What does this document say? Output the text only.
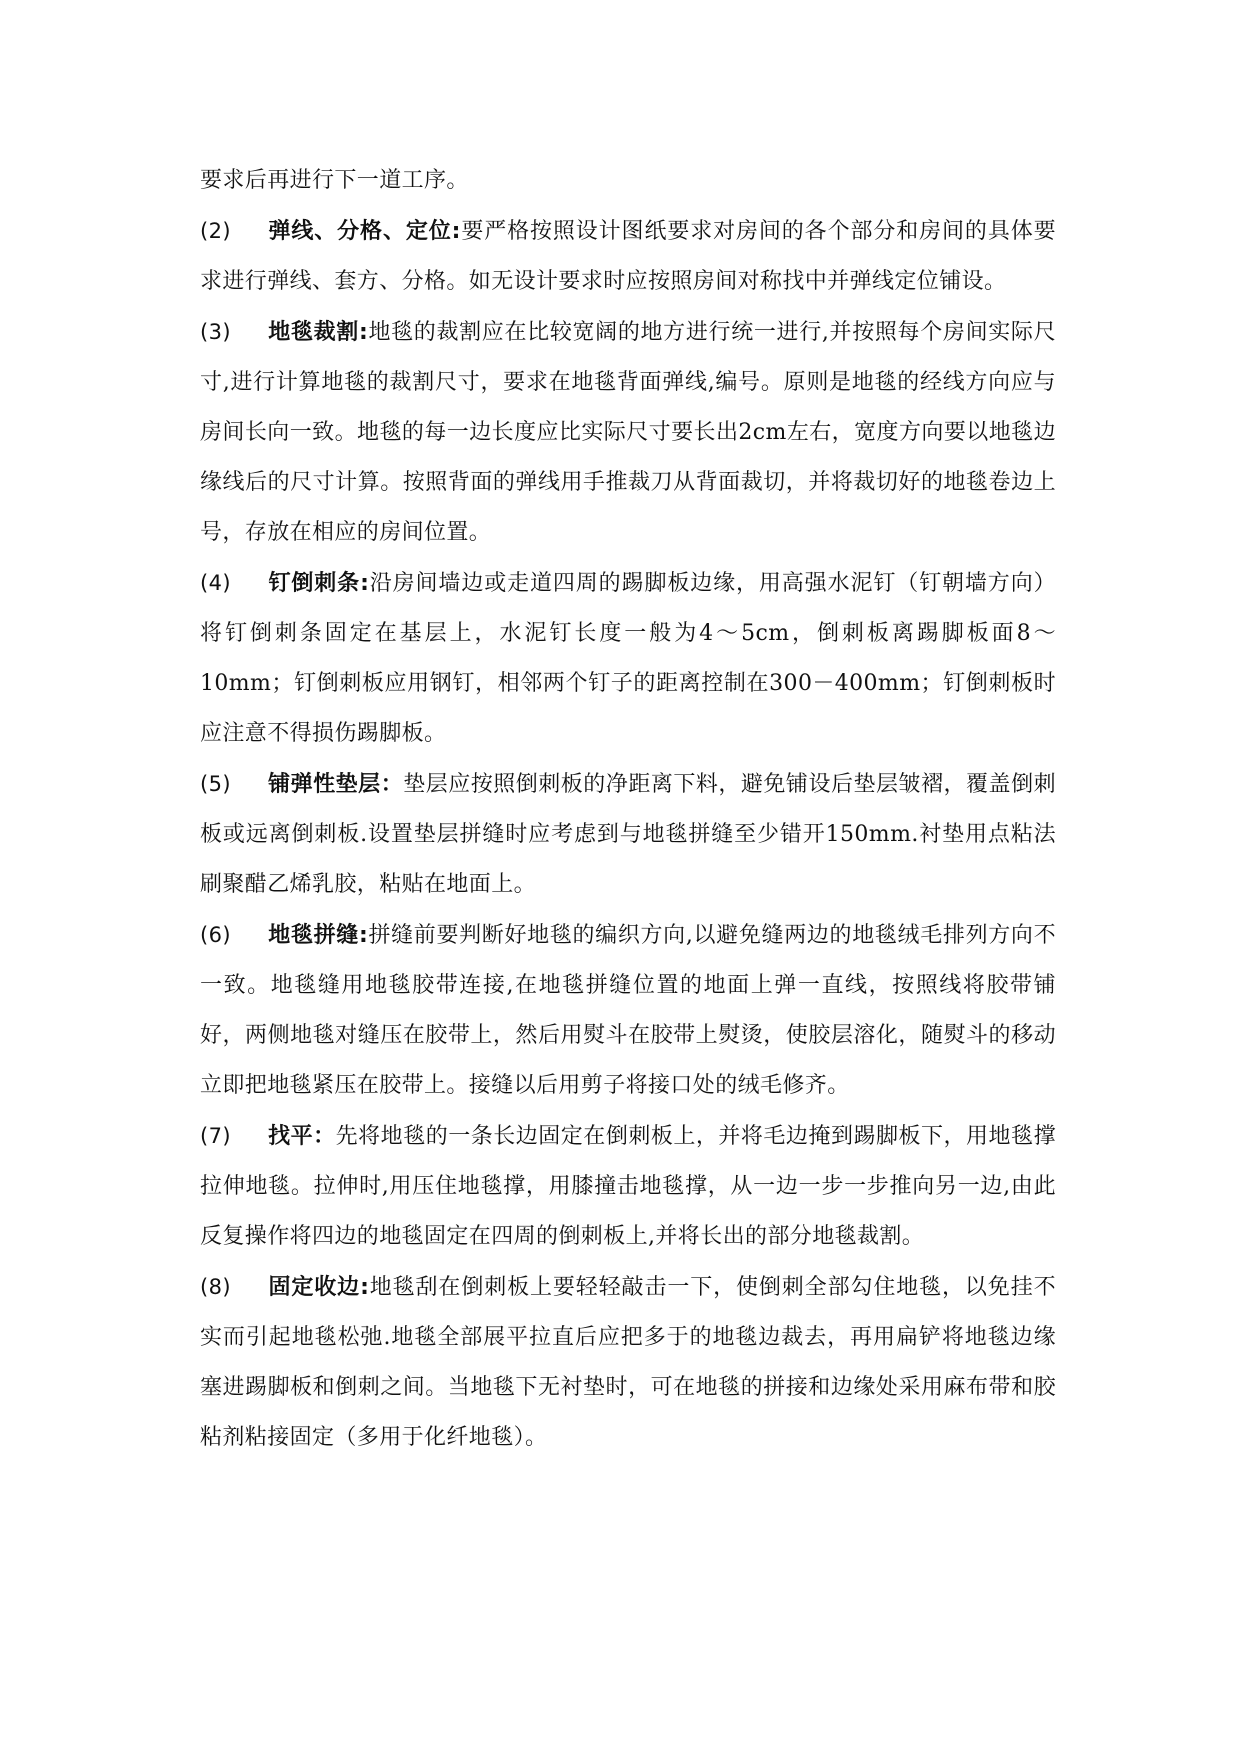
要求后再进行下一道工序。

(2) 弹线、分格、定位:要严格按照设计图纸要求对房间的各个部分和房间的具体要求进行弹线、套方、分格。如无设计要求时应按照房间对称找中并弹线定位铺设。

(3) 地毯裁割:地毯的裁割应在比较宽阔的地方进行统一进行,并按照每个房间实际尺寸,进行计算地毯的裁割尺寸，要求在地毯背面弹线,编号。原则是地毯的经线方向应与房间长向一致。地毯的每一边长度应比实际尺寸要长出2cm左右，宽度方向要以地毯边缘线后的尺寸计算。按照背面的弹线用手推裁刀从背面裁切，并将裁切好的地毯卷边上号，存放在相应的房间位置。

(4) 钉倒刺条:沿房间墙边或走道四周的踢脚板边缘，用高强水泥钉（钉朝墙方向）将钉倒刺条固定在基层上，水泥钉长度一般为4～5cm，倒刺板离踢脚板面8～10mm；钉倒刺板应用钢钉，相邻两个钉子的距离控制在300－400mm；钉倒刺板时应注意不得损伤踢脚板。

(5) 铺弹性垫层：垫层应按照倒刺板的净距离下料，避免铺设后垫层皱褶，覆盖倒刺板或远离倒刺板.设置垫层拼缝时应考虑到与地毯拼缝至少错开150mm.衬垫用点粘法刷聚醋乙烯乳胶，粘贴在地面上。

(6) 地毯拼缝:拼缝前要判断好地毯的编织方向,以避免缝两边的地毯绒毛排列方向不一致。地毯缝用地毯胶带连接,在地毯拼缝位置的地面上弹一直线，按照线将胶带铺好，两侧地毯对缝压在胶带上，然后用熨斗在胶带上熨烫，使胶层溶化，随熨斗的移动立即把地毯紧压在胶带上。接缝以后用剪子将接口处的绒毛修齐。

(7) 找平：先将地毯的一条长边固定在倒刺板上，并将毛边掩到踢脚板下，用地毯撑拉伸地毯。拉伸时,用压住地毯撑，用膝撞击地毯撑，从一边一步一步推向另一边,由此反复操作将四边的地毯固定在四周的倒刺板上,并将长出的部分地毯裁割。

(8) 固定收边:地毯刮在倒刺板上要轻轻敲击一下，使倒刺全部勾住地毯，以免挂不实而引起地毯松弛.地毯全部展平拉直后应把多于的地毯边裁去，再用扁铲将地毯边缘塞进踢脚板和倒刺之间。当地毯下无衬垫时，可在地毯的拼接和边缘处采用麻布带和胶粘剂粘接固定（多用于化纤地毯）。
